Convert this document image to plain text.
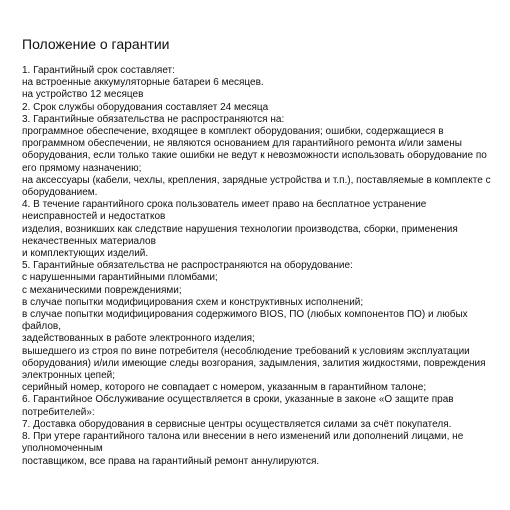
Положение о гарантии
1. Гарантийный срок составляет:
на встроенные аккумуляторные батареи 6 месяцев.
на устройство 12 месяцев
2. Срок службы оборудования составляет 24 месяца
3. Гарантийные обязательства не распространяются на:
программное обеспечение, входящее в комплект оборудования; ошибки, содержащиеся в программном обеспечении, не являются основанием для гарантийного ремонта и/или замены оборудования, если только такие ошибки не ведут к невозможности использовать оборудование по его прямому назначению;
на аксессуары (кабели, чехлы, крепления, зарядные устройства и т.п.), поставляемые в комплекте с оборудованием.
4. В течение гарантийного срока пользователь имеет право на бесплатное устранение неисправностей и недостатков
изделия, возникших как следствие нарушения технологии производства, сборки, применения некачественных материалов
и комплектующих изделий.
5. Гарантийные обязательства не распространяются на оборудование:
с нарушенными гарантийными пломбами;
с механическими повреждениями;
в случае попытки модифицирования схем и конструктивных исполнений;
в случае попытки модифицирования содержимого BIOS, ПО (любых компонентов ПО) и любых файлов,
задействованных в работе электронного изделия;
вышедшего из строя по вине потребителя (несоблюдение требований к условиям эксплуатации оборудования) и/или имеющие следы возгорания, задымления, залития жидкостями, повреждения электронных цепей;
серийный номер, которого не совпадает с номером, указанным в гарантийном талоне;
6. Гарантийное Обслуживание осуществляется в сроки, указанные в законе «О защите прав потребителей»:
7. Доставка оборудования в сервисные центры осуществляется силами за счёт покупателя.
8. При утере гарантийного талона или внесении в него изменений или дополнений лицами, не уполномоченным
поставщиком, все права на гарантийный ремонт аннулируются.
